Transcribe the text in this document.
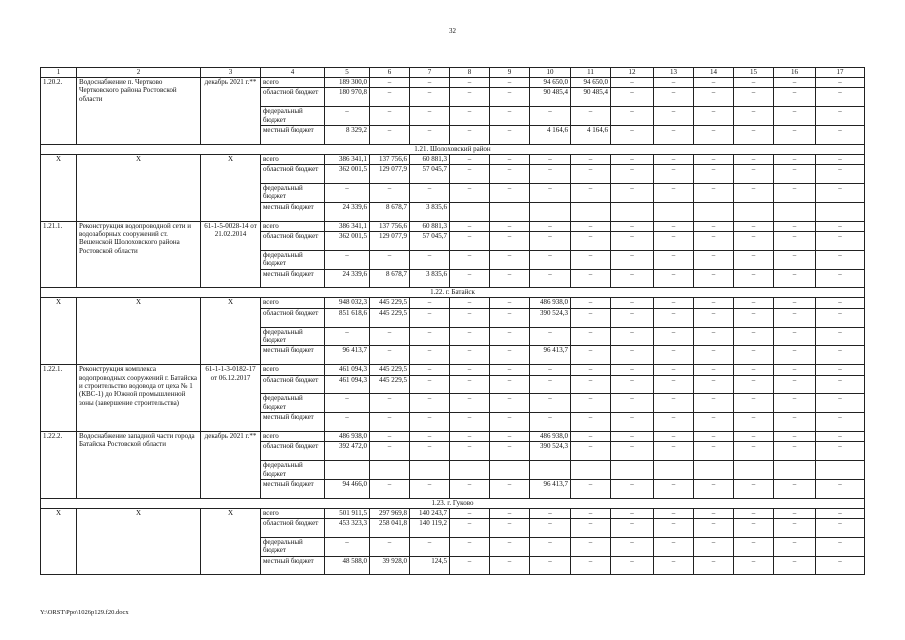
32
1	2	3	4	5	6	7	8	9	10	11	12	13	14	15	16	17
1.20.2.	Водоснабжение п. Чертково Чертковского района Ростовской области	декабрь 2021 г.**	всего	189 300,0	–	–	–	–	94 650,0	94 650,0	–	–	–	–	–	–
			областной бюджет	180 970,8	–	–	–	–	90 485,4	90 485,4	–	–	–	–	–	–
			федеральный бюджет	–	–	–	–	–	–	–	–	–	–	–	–	–
			местный бюджет	8 329,2	–	–	–	–	4 164,6	4 164,6	–	–	–	–	–	–
1.21. Шолоховский район																
Х	Х	Х	всего	386 341,1	137 756,6	60 881,3	–	–	–	–	–	–	–	–	–	–
			областной бюджет	362 001,5	129 077,9	57 045,7	–	–	–	–	–	–	–	–	–	–
			федеральный бюджет	–	–	–	–	–	–	–	–	–	–	–	–	–
			местный бюджет	24 339,6	8 678,7	3 835,6										
1.21.1.	Реконструкция водопроводной сети и водозаборных сооружений ст. Вешенской Шолоховского района Ростовской области	61-1-5-0028-14 от 21.02.2014	всего	386 341,1	137 756,6	60 881,3	–	–	–	–	–	–	–	–	–	–
			областной бюджет	362 001,5	129 077,9	57 045,7	–	–	–	–	–	–	–	–	–	–
			федеральный бюджет	–	–	–	–	–	–	–	–	–	–	–	–	–
			местный бюджет	24 339,6	8 678,7	3 835,6	–	–	–	–	–	–	–	–	–	–
1.22. г. Батайск																
Х	Х	Х	всего	948 032,3	445 229,5	–	–	–	486 938,0	–	–	–	–	–	–	–
			областной бюджет	851 618,6	445 229,5	–	–	–	390 524,3	–	–	–	–	–	–	–
			федеральный бюджет	–	–	–	–	–	–	–	–	–	–	–	–	–
			местный бюджет	96 413,7	–	–	–	–	96 413,7	–	–	–	–	–	–	–
1.22.1.	Реконструкция комплекса водопроводных сооружений г. Батайска и строительство водовода от цеха № 1 (КВС-1) до Южной промышленной зоны (завершение строительства)	61-1-1-3-0182-17 от 06.12.2017	всего	461 094,3	445 229,5	–	–	–	–	–	–	–	–	–	–	–
			областной бюджет	461 094,3	445 229,5	–	–	–	–	–	–	–	–	–	–	–
			федеральный бюджет	–	–	–	–	–	–	–	–	–	–	–	–	–
			местный бюджет	–	–	–	–	–	–	–	–	–	–	–	–	–
1.22.2.	Водоснабжение западной части города Батайска Ростовской области	декабрь 2021 г.**	всего	486 938,0	–	–	–	–	486 938,0	–	–	–	–	–	–	–
			областной бюджет	392 472,0	–	–	–	–	390 524,3	–	–	–	–	–	–	–
			федеральный бюджет													
			местный бюджет	94 466,0	–	–	–	–	96 413,7	–	–	–	–	–	–	–
1.23. г. Гуково																
Х	Х	Х	всего	501 911,5	297 969,8	140 243,7	–	–	–	–	–	–	–	–	–	–
			областной бюджет	453 323,3	258 041,8	140 119,2	–	–	–	–	–	–	–	–	–	–
			федеральный бюджет	–	–	–	–	–	–	–	–	–	–	–	–	–
			местный бюджет	48 588,0	39 928,0	124,5	–	–	–	–	–	–	–	–	–	–
Y:\ORST\Ppo\1026p129.f20.docx
